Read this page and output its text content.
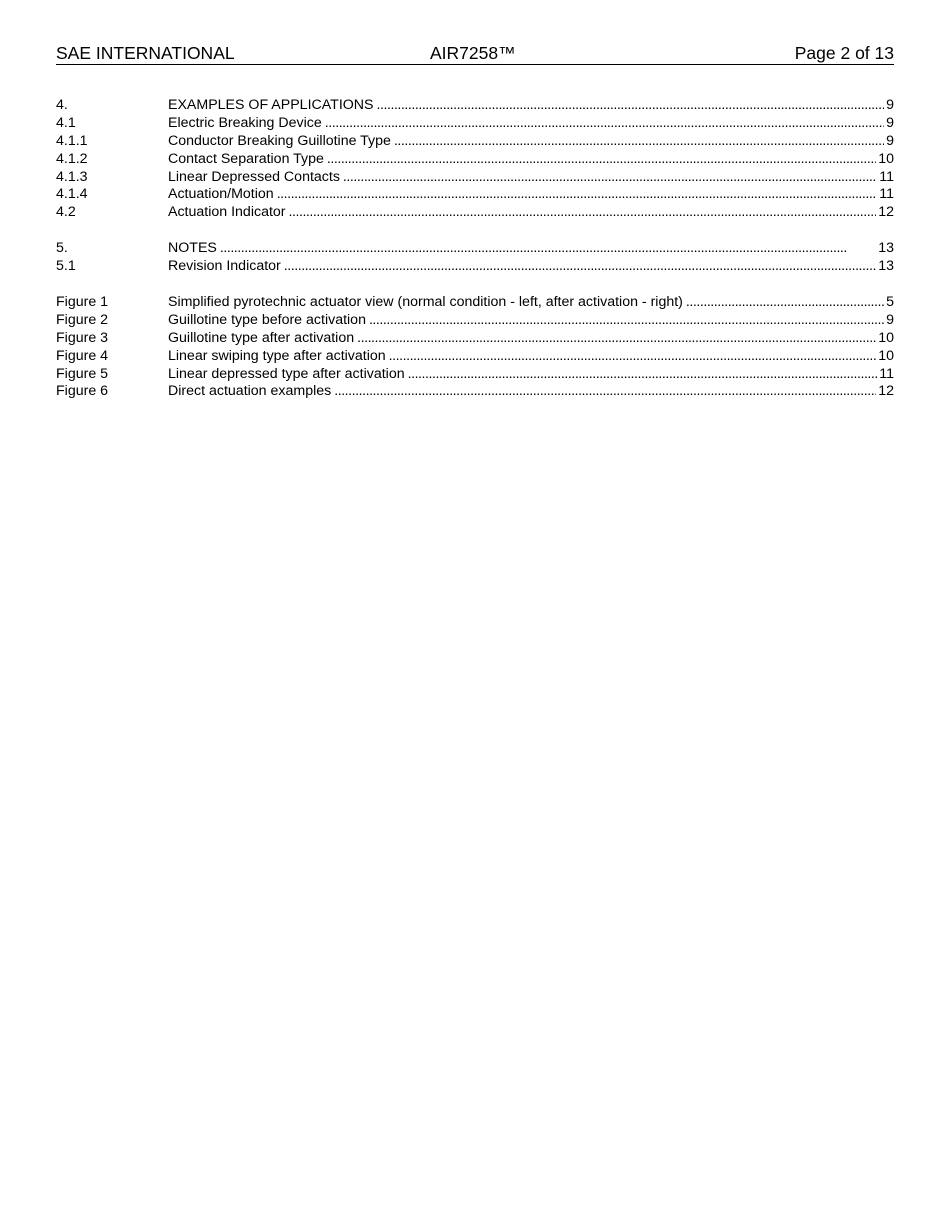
SAE INTERNATIONAL	AIR7258™	Page 2 of 13
4.	EXAMPLES OF APPLICATIONS . . .	9
4.1	Electric Breaking Device . . .	9
4.1.1	Conductor Breaking Guillotine Type . . .	9
4.1.2	Contact Separation Type . . .	10
4.1.3	Linear Depressed Contacts . . .	11
4.1.4	Actuation/Motion . . .	11
4.2	Actuation Indicator . . .	12
5.	NOTES . . .	13
5.1	Revision Indicator . . .	13
Figure 1	Simplified pyrotechnic actuator view (normal condition - left, after activation - right) . . .	5
Figure 2	Guillotine type before activation . . .	9
Figure 3	Guillotine type after activation . . .	10
Figure 4	Linear swiping type after activation . . .	10
Figure 5	Linear depressed type after activation . . .	11
Figure 6	Direct actuation examples . . .	12
